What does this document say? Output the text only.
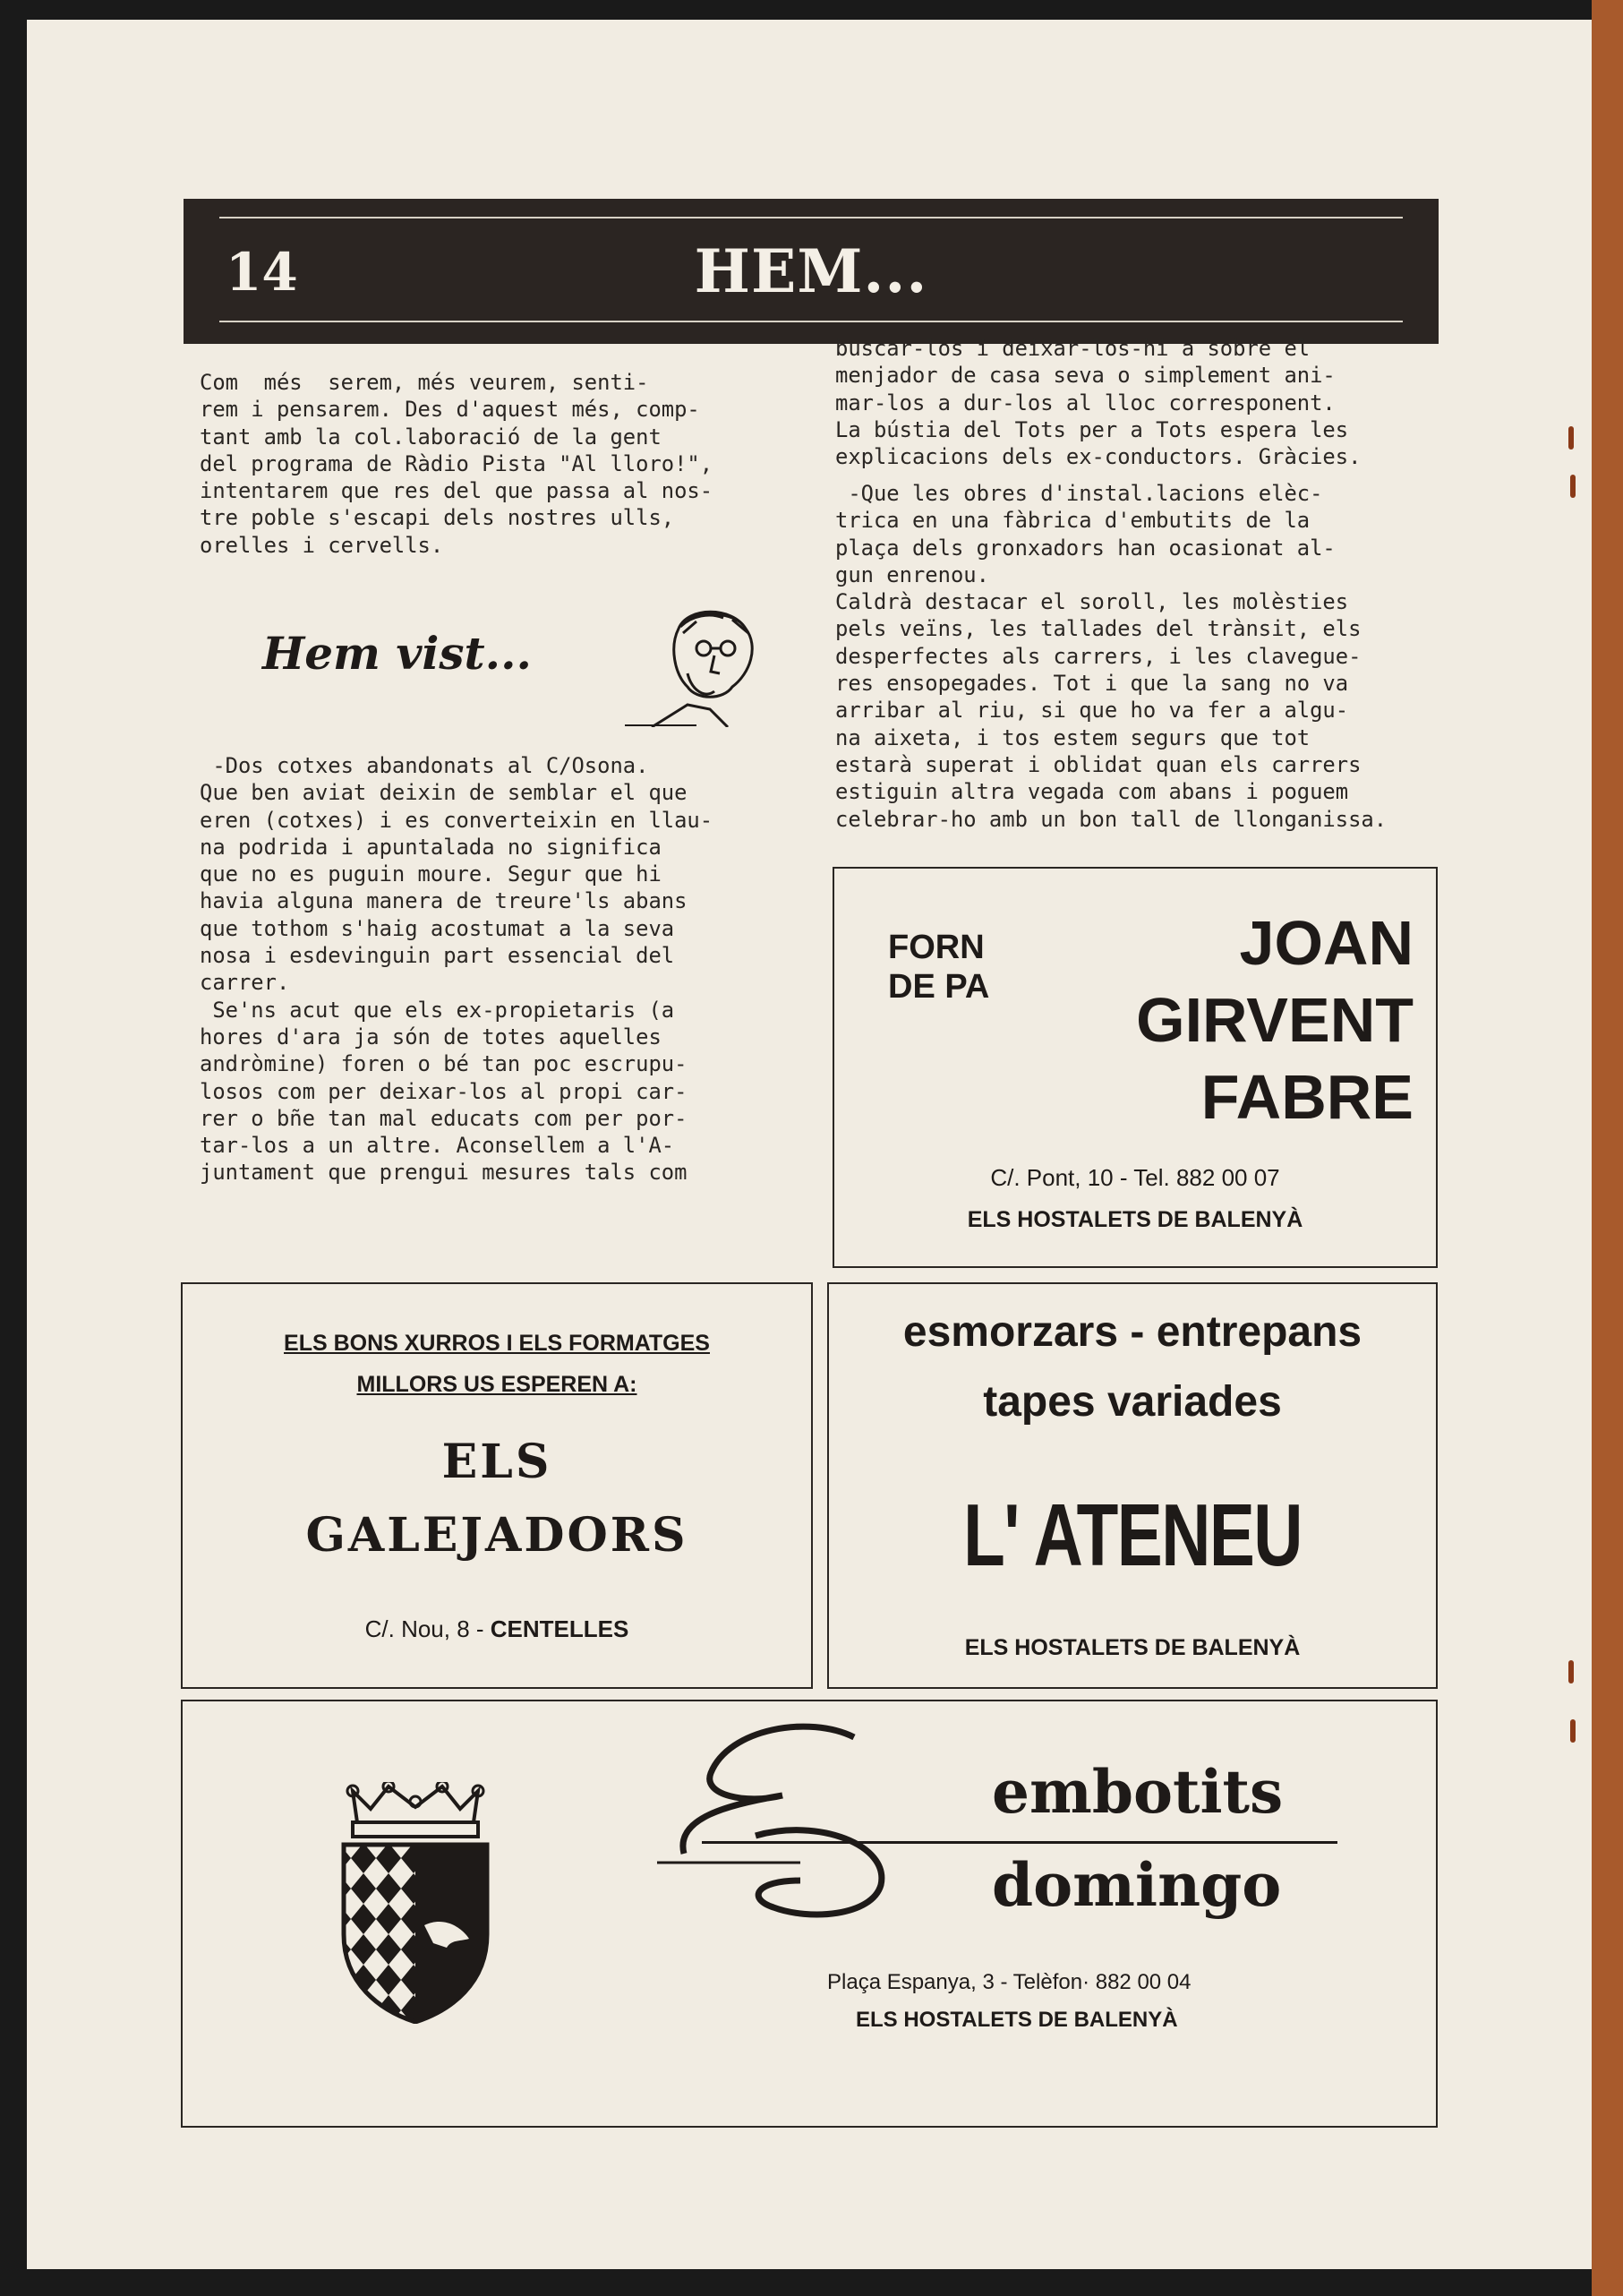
14	HEM...
Com  més  serem, més veurem, senti-
rem i pensarem. Des d'aquest més, comp-
tant amb la col.laboració de la gent
del programa de Ràdio Pista "Al lloro!",
intentarem que res del que passa al nos-
tre poble s'escapi dels nostres ulls,
orelles i cervells.
Hem vist...
-Dos cotxes abandonats al C/Osona.
Que ben aviat deixin de semblar el que
eren (cotxes) i es converteixin en llau-
na podrida i apuntalada no significa
que no es puguin moure. Segur que hi
havia alguna manera de treure'ls abans
que tothom s'haig acostumat a la seva
nosa i esdevinguin part essencial del
carrer.
Se'ns acut que els ex-propietaris (a
hores d'ara ja són de totes aquelles
andròmine) foren o bé tan poc escrupu-
losos com per deixar-los al propi car-
rer o bñe tan mal educats com per por-
tar-los a un altre. Aconsellem a l'A-
juntament que prengui mesures tals com
buscar-los i deixar-los-hi a sobre el
menjador de casa seva o simplement ani-
mar-los a dur-los al lloc corresponent.
La bústia del Tots per a Tots espera les
explicacions dels ex-conductors. Gràcies.
-Que les obres d'instal.lacions elèc-
trica en una fàbrica d'embutits de la
plaça dels gronxadors han ocasionat al-
gun enrenou.
Caldrà destacar el soroll, les molèsties
pels veïns, les tallades del trànsit, els
desperfectes als carrers, i les clavegue-
res ensopegades. Tot i que la sang no va
arribar al riu, si que ho va fer a algu-
na aixeta, i tos estem segurs que tot
estarà superat i oblidat quan els carrers
estiguin altra vegada com abans i poguem
celebrar-ho amb un bon tall de llonganissa.
FORN
DE PA
JOAN
GIRVENT
FABRE
C/. Pont, 10 - Tel. 882 00 07
ELS HOSTALETS DE BALENYÀ
ELS BONS XURROS I ELS FORMATGES
MILLORS US ESPEREN A:
ELS
GALEJADORS
C/. Nou, 8 - CENTELLES
esmorzars - entrepans
tapes variades
L' ATENEU
ELS HOSTALETS DE BALENYÀ
embotits
domingo
Plaça Espanya, 3 - Telèfon· 882 00 04
ELS HOSTALETS DE BALENYÀ
